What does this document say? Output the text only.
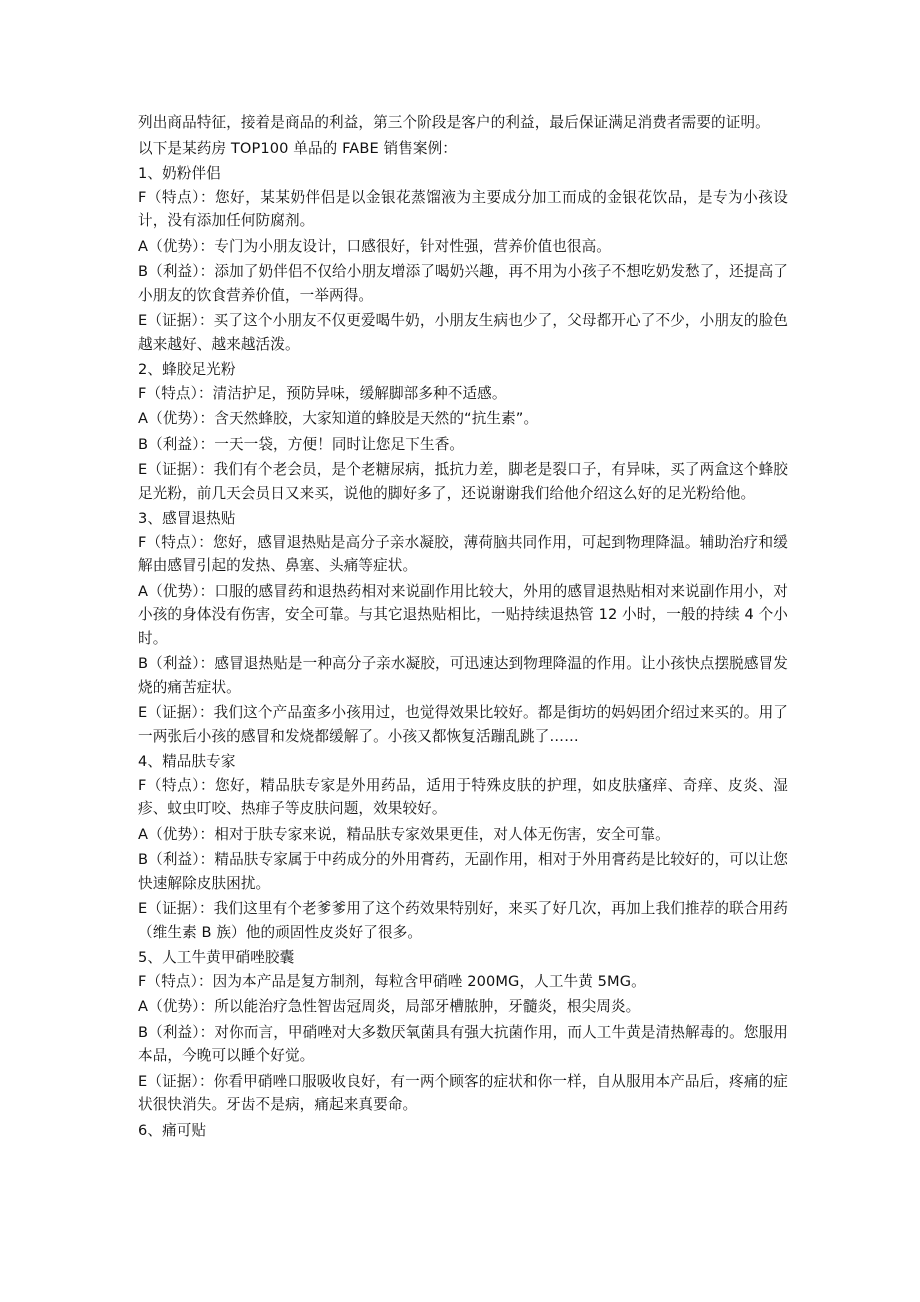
列出商品特征，接着是商品的利益，第三个阶段是客户的利益，最后保证满足消费者需要的证明。

以下是某药房 TOP100 单品的 FABE 销售案例：

1、奶粉伴侣

F（特点）：您好，某某奶伴侣是以金银花蒸馏液为主要成分加工而成的金银花饮品，是专为小孩设计，没有添加任何防腐剂。

A（优势）：专门为小朋友设计，口感很好，针对性强，营养价值也很高。

B（利益）：添加了奶伴侣不仅给小朋友增添了喝奶兴趣，再不用为小孩子不想吃奶发愁了，还提高了小朋友的饮食营养价值，一举两得。

E（证据）：买了这个小朋友不仅更爱喝牛奶，小朋友生病也少了，父母都开心了不少，小朋友的脸色越来越好、越来越活泼。

2、蜂胶足光粉

F（特点）：清洁护足，预防异味，缓解脚部多种不适感。

A（优势）：含天然蜂胶，大家知道的蜂胶是天然的“抗生素”。

B（利益）：一天一袋，方便！同时让您足下生香。

E（证据）：我们有个老会员，是个老糖尿病，抵抗力差，脚老是裂口子，有异味，买了两盒这个蜂胶足光粉，前几天会员日又来买，说他的脚好多了，还说谢谢我们给他介绍这么好的足光粉给他。

3、感冒退热贴

F（特点）：您好，感冒退热贴是高分子亲水凝胶，薄荷脑共同作用，可起到物理降温。辅助治疗和缓解由感冒引起的发热、鼻塞、头痛等症状。

A（优势）：口服的感冒药和退热药相对来说副作用比较大，外用的感冒退热贴相对来说副作用小，对小孩的身体没有伤害，安全可靠。与其它退热贴相比，一贴持续退热管 12 小时，一般的持续 4 个小时。

B（利益）：感冒退热贴是一种高分子亲水凝胶，可迅速达到物理降温的作用。让小孩快点摆脱感冒发烧的痛苦症状。

E（证据）：我们这个产品蛮多小孩用过，也觉得效果比较好。都是街坊的妈妈团介绍过来买的。用了一两张后小孩的感冒和发烧都缓解了。小孩又都恢复活蹦乱跳了……

4、精品肤专家

F（特点）：您好，精品肤专家是外用药品，适用于特殊皮肤的护理，如皮肤瘙痒、奇痒、皮炎、湿疹、蚊虫叮咬、热痱子等皮肤问题，效果较好。

A（优势）：相对于肤专家来说，精品肤专家效果更佳，对人体无伤害，安全可靠。

B（利益）：精品肤专家属于中药成分的外用膏药，无副作用，相对于外用膏药是比较好的，可以让您快速解除皮肤困扰。

E（证据）：我们这里有个老爹爹用了这个药效果特别好，来买了好几次，再加上我们推荐的联合用药（维生素 B 族）他的顽固性皮炎好了很多。

5、人工牛黄甲硝唑胶囊

F（特点）：因为本产品是复方制剂，每粒含甲硝唑 200MG，人工牛黄 5MG。

A（优势）：所以能治疗急性智齿冠周炎，局部牙槽脓肿，牙髓炎，根尖周炎。

B（利益）：对你而言，甲硝唑对大多数厌氧菌具有强大抗菌作用，而人工牛黄是清热解毒的。您服用本品，今晚可以睡个好觉。

E（证据）：你看甲硝唑口服吸收良好，有一两个顾客的症状和你一样，自从服用本产品后，疼痛的症状很快消失。牙齿不是病，痛起来真要命。

6、痛可贴
